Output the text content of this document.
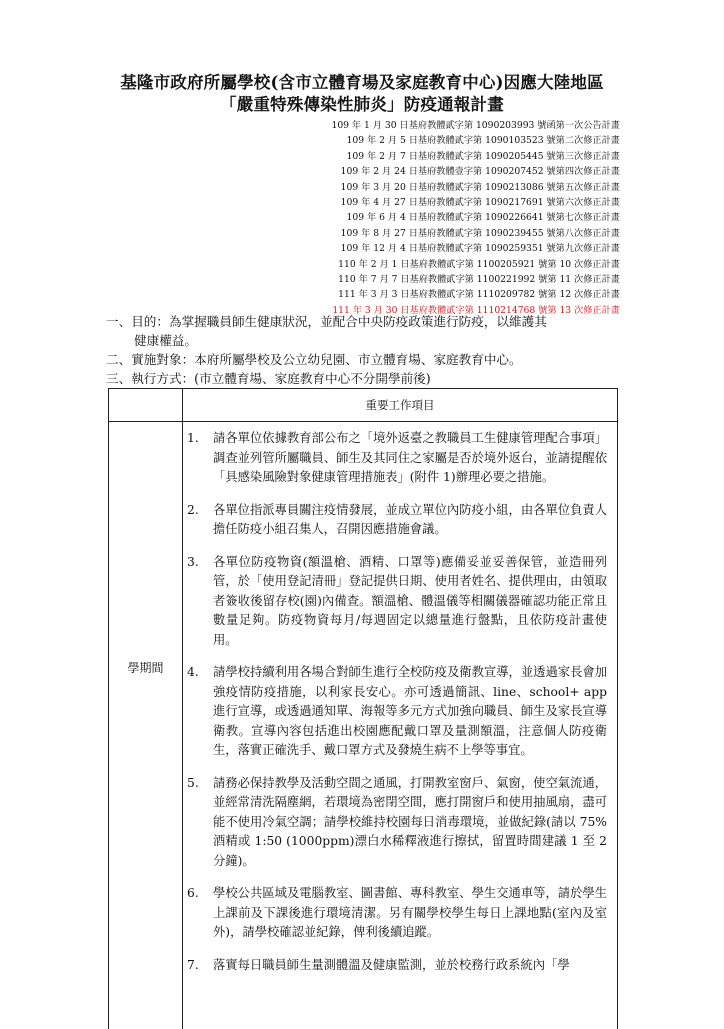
基隆市政府所屬學校(含市立體育場及家庭教育中心)因應大陸地區
「嚴重特殊傳染性肺炎」防疫通報計畫
109 年 1 月 30 日基府教體貳字第 1090203993 號函第一次公告計畫
109 年 2 月 5 日基府教體貳字第 1090103523 號第二次修正計畫
109 年 2 月 7 日基府教體貳字第 1090205445 號第三次修正計畫
109 年 2 月 24 日基府教體壹字第 1090207452 號第四次修正計畫
109 年 3 月 20 日基府教體貳字第 1090213086 號第五次修正計畫
109 年 4 月 27 日基府教體貳字第 1090217691 號第六次修正計畫
109 年 6 月 4 日基府教體貳字第 1090226641 號第七次修正計畫
109 年 8 月 27 日基府教體貳字第 1090239455 號第八次修正計畫
109 年 12 月 4 日基府教體貳字第 1090259351 號第九次修正計畫
110 年 2 月 1 日基府教體貳字第 1100205921 號第 10 次修正計畫
110 年 7 月 7 日基府教體貳字第 1100221992 號第 11 次修正計畫
111 年 3 月 3 日基府教體貳字第 1110209782 號第 12 次修正計畫
111 年 3 月 30 日基府教體貳字第 1110214768 號第 13 次修正計畫
一、目的：為掌握職員師生健康狀況，並配合中央防疫政策進行防疫，以維護其
健康權益。
二、實施對象：本府所屬學校及公立幼兒園、市立體育場、家庭教育中心。
三、執行方式：(市立體育場、家庭教育中心不分開學前後)
重要工作項目
學期間
1.	請各單位依據教育部公布之「境外返臺之教職員工生健康管理配合事項」調查並列管所屬職員、師生及其同住之家屬是否於境外返台，並請提醒依「具感染風險對象健康管理措施表」(附件 1)辦理必要之措施。
2.	各單位指派專員關注疫情發展，並成立單位內防疫小組，由各單位負責人擔任防疫小組召集人，召開因應措施會議。
3.	各單位防疫物資(額溫槍、酒精、口罩等)應備妥並妥善保管，並造冊列管，於「使用登記清冊」登記提供日期、使用者姓名、提供理由，由領取者簽收後留存校(園)內備查。額溫槍、體溫儀等相關儀器確認功能正常且數量足夠。防疫物資每月/每週固定以總量進行盤點，且依防疫計畫使用。
4.	請學校持續利用各場合對師生進行全校防疫及衛教宣導，並透過家長會加強疫情防疫措施，以利家長安心。亦可透過簡訊、line、school+ app 進行宣導，或透過通知單、海報等多元方式加強向職員、師生及家長宣導衛教。宣導內容包括進出校園應配戴口罩及量測額溫，注意個人防疫衛生，落實正確洗手、戴口罩方式及發燒生病不上學等事宜。
5.	請務必保持教學及活動空間之通風，打開教室窗戶、氣窗，使空氣流通，並經常清洗隔塵網，若環境為密閉空間，應打開窗戶和使用抽風扇，盡可能不使用冷氣空調；請學校維持校園每日消毒環境，並做紀錄(請以 75%酒精或 1:50 (1000ppm)漂白水稀釋液進行擦拭，留置時間建議 1 至 2 分鐘)。
6.	學校公共區域及電腦教室、圖書館、專科教室、學生交通車等，請於學生上課前及下課後進行環境清潔。另有關學校學生每日上課地點(室內及室外)，請學校確認並紀錄，俾利後續追蹤。
7.	落實每日職員師生量測體溫及健康監測，並於校務行政系統內「學
